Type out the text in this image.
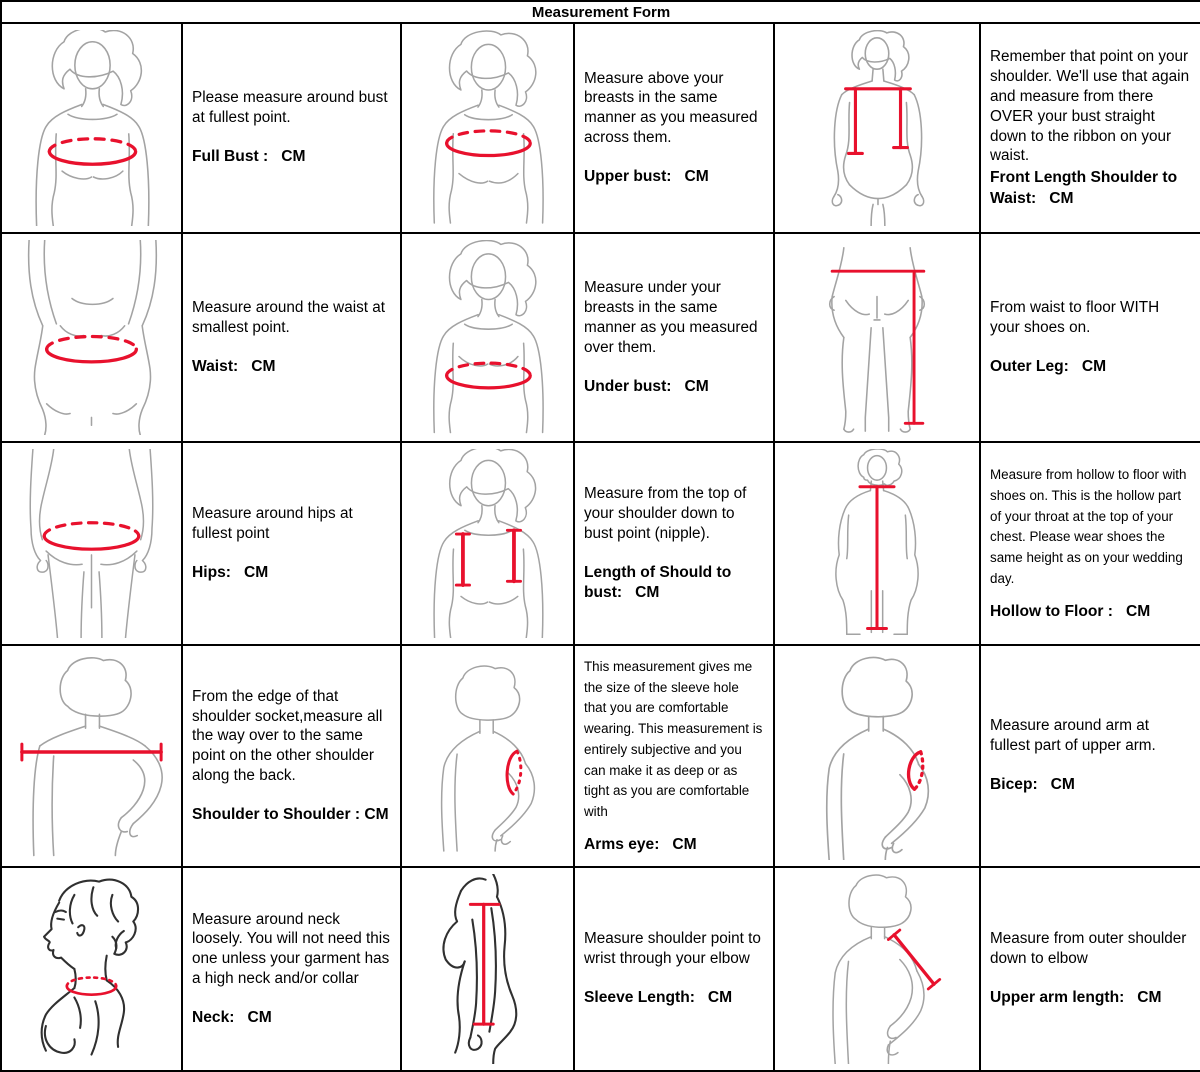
Measurement Form					

Please measure around bust at fullest point.

Full Bust :   CM

Measure above your breasts in the same manner as you measured across them.

Upper bust:   CM

Remember that point on your shoulder. We'll use that again and measure from there OVER your bust straight down to the ribbon on your waist.

Front Length Shoulder to Waist:   CM

Measure around the waist at smallest point.

Waist:   CM

Measure under your breasts in the same manner as you measured over them.

Under bust:   CM

From waist to floor WITH your shoes on.

Outer Leg:   CM

Measure around hips at fullest point

Hips:   CM

Measure from the top of your shoulder down to bust point (nipple).

Length of Should to bust:   CM

Measure from hollow to floor with shoes on. This is the hollow part of your throat at the top of your chest. Please wear shoes the same height as on your wedding day.

Hollow to Floor :   CM

From the edge of that shoulder socket,measure all the way over to the same point on the other shoulder along the back.

Shoulder to Shoulder : CM

This measurement gives me the size of the sleeve hole that you are comfortable wearing. This measurement is entirely subjective and you can make it as deep or as tight as you are comfortable with

Arms eye:   CM

Measure around arm at fullest part of upper arm.

Bicep:   CM

Measure around neck loosely. You will not need this one unless your garment has a high neck and/or collar

Neck:   CM

Measure shoulder point to wrist through your elbow

Sleeve Length:   CM

Measure from outer shoulder down to elbow

Upper arm length:   CM
